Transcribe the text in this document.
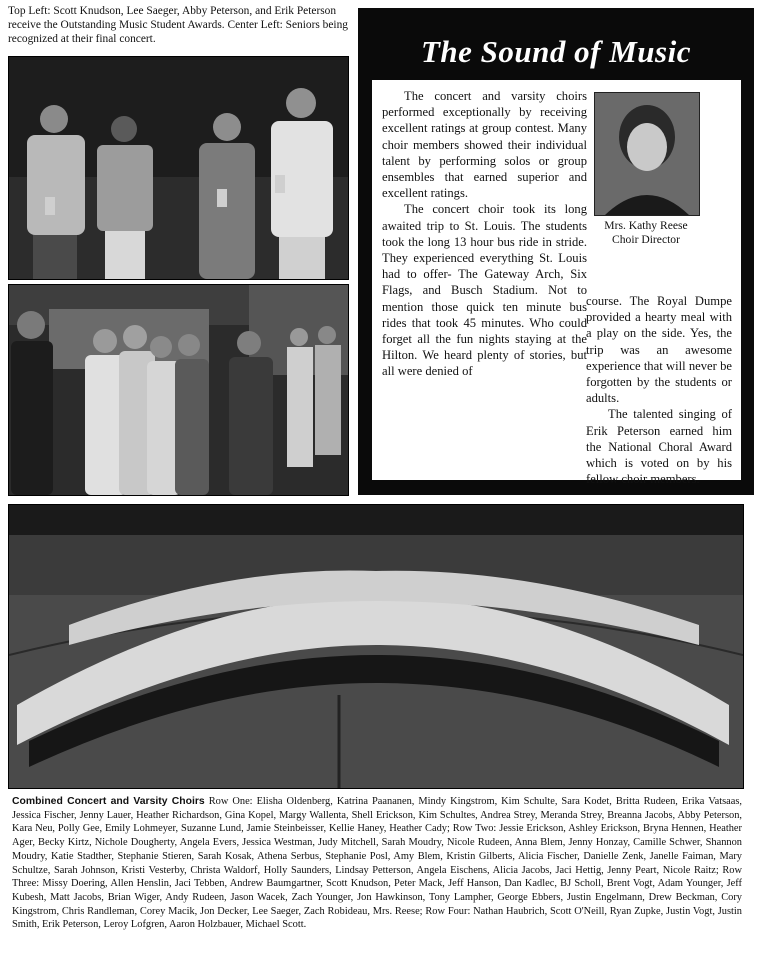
Top Left: Scott Knudson, Lee Saeger, Abby Peterson, and Erik Peterson receive the Outstanding Music Student Awards. Center Left: Seniors being recognized at their final concert.	The Sound of Music

The concert and varsity choirs performed exceptionally by receiving excellent ratings at group contest. Many choir members showed their individual talent by performing solos or group ensembles that earned superior and excellent ratings.

The concert choir took its long awaited trip to St. Louis. The students took the long 13 hour bus ride in stride. They experienced everything St. Louis had to offer- The Gateway Arch, Six Flags, and Busch Stadium. Not to mention those quick ten minute bus rides that took 45 minutes. Who could forget all the fun nights staying at the Hilton. We heard plenty of stories, but all were denied of

Mrs. Kathy Reese
Choir Director

course. The Royal Dumpe provided a hearty meal with a play on the side. Yes, the trip was an awesome experience that will never be forgotten by the students or adults.

The talented singing of Erik Peterson earned him the National Choral Award which is voted on by his fellow choir members.

Combined Concert and Varsity Choirs Row One: Elisha Oldenberg, Katrina Paananen, Mindy Kingstrom, Kim Schulte, Sara Kodet, Britta Rudeen, Erika Vatsaas, Jessica Fischer, Jenny Lauer, Heather Richardson, Gina Kopel, Margy Wallenta, Shell Erickson, Kim Schultes, Andrea Strey, Meranda Strey, Breanna Jacobs, Abby Peterson, Kara Neu, Polly Gee, Emily Lohmeyer, Suzanne Lund, Jamie Steinbeisser, Kellie Haney, Heather Cady; Row Two: Jessie Erickson, Ashley Erickson, Bryna Hennen, Heather Ager, Becky Kirtz, Nichole Dougherty, Angela Evers, Jessica Westman, Judy Mitchell, Sarah Moudry, Nicole Rudeen, Anna Blem, Jenny Honzay, Camille Schwer, Shannon Moudry, Katie Stadther, Stephanie Stieren, Sarah Kosak, Athena Serbus, Stephanie Posl, Amy Blem, Kristin Gilberts, Alicia Fischer, Danielle Zenk, Janelle Faiman, Mary Schultze, Sarah Johnson, Kristi Vesterby, Christa Waldorf, Holly Saunders, Lindsay Petterson, Angela Eischens, Alicia Jacobs, Jaci Hettig, Jenny Peart, Nicole Raitz; Row Three: Missy Doering, Allen Henslin, Jaci Tebben, Andrew Baumgartner, Scott Knudson, Peter Mack, Jeff Hanson, Dan Kadlec, BJ Scholl, Brent Vogt, Adam Younger, Jeff Kubesh, Matt Jacobs, Brian Wiger, Andy Rudeen, Jason Wacek, Zach Younger, Jon Hawkinson, Tony Lampher, George Ebbers, Justin Engelmann, Drew Beckman, Cory Kingstrom, Chris Randleman, Corey Macik, Jon Decker, Lee Saeger, Zach Robideau, Mrs. Reese; Row Four: Nathan Haubrich, Scott O'Neill, Ryan Zupke, Justin Vogt, Justin Smith, Erik Peterson, Leroy Lofgren, Aaron Holzbauer, Michael Scott.
